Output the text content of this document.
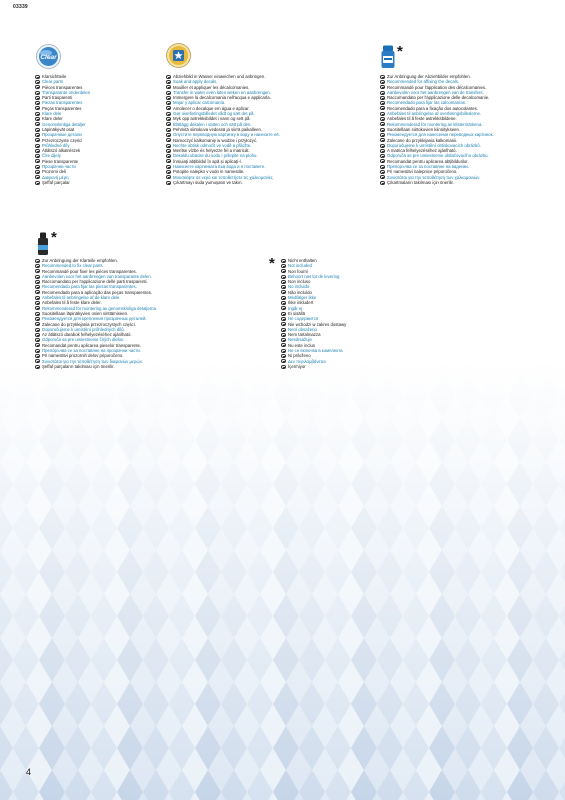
03339
Clear	*
*
*
Klarsichtteile
Clear parts
Pièces transparentes
Transparante onderdelen
Parti trasparenti
Piezas transparentes
Peças transparentes
Klare dele
Klare deler
Genomskinliga detaljer
Läpinäkyvät osat
Прозрачные детали
Przezroczyste części
Průhledné díly
Átlátszó alkatrészek
Čire dijely
Piese transparente
Прозрачни части
Prozorni deli
Διαφανή μέρη
Şeffaf parçalar
Abziehbild in Wasser einweichen und anbringen.
Soak and apply decals.
Mouiller et appliquer les décalcomanies.
Transfer in water even laten weken en aanbrengen.
Immergere la decalcomania nell'acqua e applicarla.
Mojar y aplicar calcomanía.
Amolecer o decalque em água e aplicar.
Gør overføringsbilledet vådt og sæt det på.
Myk opp avtrekksbildet i vann og sett på.
Blötlägg dekalen i vatten och sätt på den.
Pehmitä siirtokuva vedessä ja siirrä paikalleen.
Опустите переводную картинку в воду и нанесите её.
Namoczyć kalkomanię w wodzie i przyłożyć.
Nechte obtisk odmočit ve vodě a přiložte.
Merítse vízbe és helyezze fel a matricát.
Dekaldu ubacite du vodu i prilepite na plohu.
Înmuiați abțibildul în apă și aplicați-l.
Накиснете картинката във вода и я поставете.
Potopite nalepko v vodo in namestite.
Μουσκέψτε σε νερό και τοποθετήστε τις χαλκομανίες.
Çıkartmayı suda yumuşatın ve takın.
Zur Anbringung der Abziehbilder empfohlen.
Recommended for affixing the decals.
Recommandé pour l'application des décalcomanies.
Aanbevolen voor het aanbrengen van de transfers.
Raccomandato per l'applicazione delle decalcomanie.
Recomendado para fijar las calcomanías.
Recomendado para a fixação dos autocolantes.
Anbefales til anbringelse af overføringsbillederne.
Anbefales til å feste avtrekksbildene.
Rekommenderad för montering av klistermärkena.
Suositellaan siirtokuvien kiinnitykseen.
Рекомендуется для нанесения переводных картинок.
Zalecane do przyklejania kalkomanii.
Doporučujeme k umístění obtiskovacích obrázků.
A matrica felhelyezéséhez ajánlható.
Odporuča se pre umiestnenie obtlačovacího obrázku.
Recomandat pentru aplicarea abțibildurilor.
Препоръчва се за поставяне на ваденки.
Pri namestitvi nalepnice priporočeno.
Συνιστάται για την τοποθέτηση των χαλκομανιών.
Çıkartmaların takılması için önerilir.
Zur Anbringung der Klarteile empfohlen.
Recommended to fix clear parts.
Recommandé pour fixer les pièces transparentes.
Aanbevolen voor het aanbrengen van transparante delen.
Raccomandato per l'applicazione delle parti trasparenti.
Recomendado para fijar las piezas transparentes.
Recomendado para a aplicação das peças transparentes.
Anbefales til anbringelse af de klare dele.
Anbefales til å feste klare deler.
Rekommenderad för montering av genomskinliga detaljerna.
Suositellaan läpinäkyvien osien sinttämiseen.
Рекомендуется для крепления прозрачных деталей.
Zalecane do przyklejania przezroczystych części.
Doporučujeme k umístění průhledných dílů.
Az átlátszó darabok felhelyezéséhez ajánlható.
Odporuča sa pre umiestnenie čirých dielov.
Recomandat pentru aplicarea pieselor transparente.
Препоръчва се за поставяне на прозрачни части.
Pri namestitvi prozornih delov priporočeno.
Συνιστάται για την τοποθέτηση των διαφανών μερών.
Şeffaf parçaların takılması için önerilir.
Nicht enthalten
Not included
Non fourni
Behoort niet tot de levering
Non incluso
No incluido
Não incluído
Medfølger ikke
Ikke inkludert
Ingår ej
Ei sisällä
Не содержится
Nie wchodzi w zakres dostawy
Není obsaženo
Nem tartalmazza
Nesdrsažuje
Nu este inclus
Не се включва в комплекта
Ni priloženo
Δεν περιλαμβάνεται
İçermiyor
4
